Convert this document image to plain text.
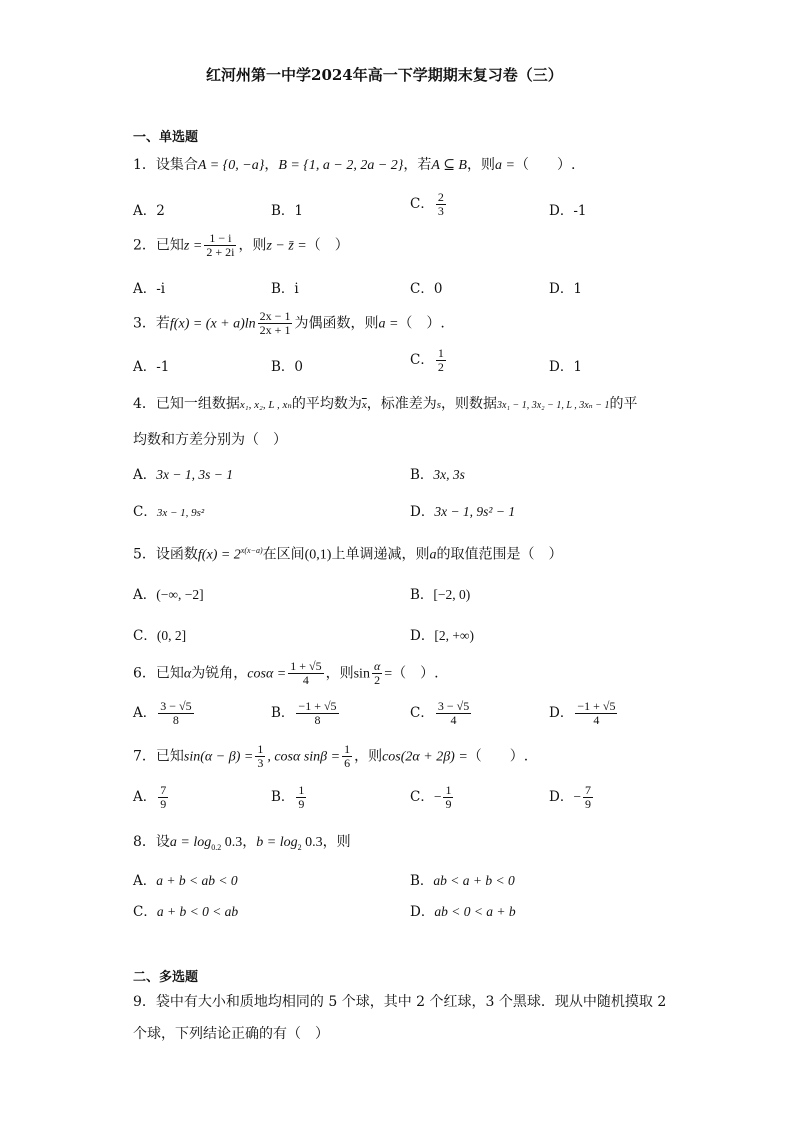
红河州第一中学2024年高一下学期期末复习卷（三）
一、单选题
1．设集合A = {0, −a}，B = {1, a − 2, 2a − 2}，若A ⊆ B，则a =（　　）.
A．2	B．1	C． $\frac{2}{3}$	D．-1
2．已知$z = \frac{1 - i}{2 + 2i}$ ，则z − z̄ =（　）
A．-i	B．i	C．0	D．1
3．若$f(x) = (x + a)\ln \frac{2x - 1}{2x + 1}$ 为偶函数，则a =（　）.
A．-1	B．0	C． $\frac{1}{2}$	D．1
4．已知一组数据x₁, x₂, L , xₙ的平均数为$\overline{x}$，标准差为s，则数据3x₁ − 1, 3x₂ − 1, L , 3xₙ − 1的平
均数和方差分别为（　）
A．3x − 1, 3s − 1	B．3x, 3s
C．3x − 1, 9s²	D．3x − 1, 9s² − 1
5．设函数$f(x) = 2^{x(x-a)}$在区间(0,1)上单调递减，则a的取值范围是（　）
A．(−∞, −2]	B．[−2, 0)
C．(0, 2]	D．[2, +∞)
6．已知α为锐角，$\cos\alpha = \frac{1 + √5}{4}$ ，则$\sin \frac{\alpha}{2}$ =（　）.
A． $\frac{3 - √5}{8}$	B． $\frac{-1 + √5}{8}$	C． $\frac{3 - √5}{4}$	D． $\frac{-1 + √5}{4}$
7．已知$\sin(\alpha - \beta) = \frac{1}{3}$ , cosα $\sin\beta = \frac{1}{6}$ ，则cos(2α + 2β) =（　　）.
A． $\frac{7}{9}$	B． $\frac{1}{9}$	C．− $\frac{1}{9}$	D．− $\frac{7}{9}$
8．设$a = \log_{0.2} 0.3$，$b = \log_2 0.3$，则
A．a + b < ab < 0	B．ab < a + b < 0
C．a + b < 0 < ab	D．ab < 0 < a + b
二、多选题
9．袋中有大小和质地均相同的 5 个球，其中 2 个红球，3 个黑球．现从中随机摸取 2
个球，下列结论正确的有（　）
